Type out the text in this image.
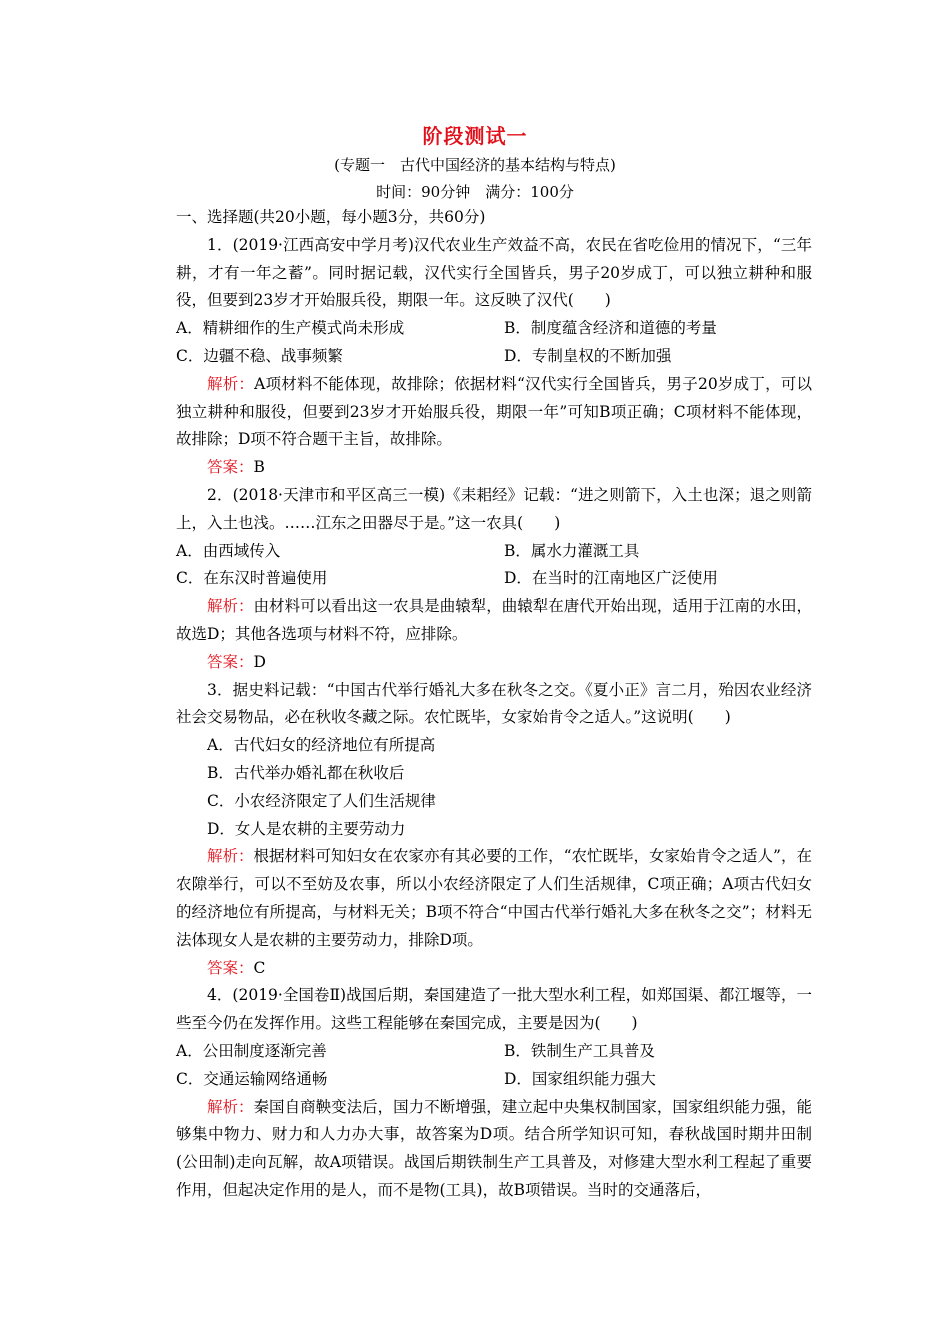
阶段测试一
(专题一　古代中国经济的基本结构与特点)
时间：90分钟　满分：100分

一、选择题(共20小题，每小题3分，共60分)

1．(2019·江西高安中学月考)汉代农业生产效益不高，农民在省吃俭用的情况下，“三年耕，才有一年之蓄”。同时据记载，汉代实行全国皆兵，男子20岁成丁，可以独立耕种和服役，但要到23岁才开始服兵役，期限一年。这反映了汉代(　　)

A．精耕细作的生产模式尚未形成	B．制度蕴含经济和道德的考量
C．边疆不稳、战事频繁	D．专制皇权的不断加强

解析：A项材料不能体现，故排除；依据材料“汉代实行全国皆兵，男子20岁成丁，可以独立耕种和服役，但要到23岁才开始服兵役，期限一年”可知B项正确；C项材料不能体现，故排除；D项不符合题干主旨，故排除。

答案：B

2．(2018·天津市和平区高三一模)《耒耜经》记载：“进之则箭下，入土也深；退之则箭上，入土也浅。……江东之田器尽于是。”这一农具(　　)

A．由西域传入	B．属水力灌溉工具
C．在东汉时普遍使用	D．在当时的江南地区广泛使用

解析：由材料可以看出这一农具是曲辕犁，曲辕犁在唐代开始出现，适用于江南的水田，故选D；其他各选项与材料不符，应排除。

答案：D

3．据史料记载：“中国古代举行婚礼大多在秋冬之交。《夏小正》言二月，殆因农业经济社会交易物品，必在秋收冬藏之际。农忙既毕，女家始肯令之适人。”这说明(　　)

A．古代妇女的经济地位有所提高

B．古代举办婚礼都在秋收后

C．小农经济限定了人们生活规律

D．女人是农耕的主要劳动力

解析：根据材料可知妇女在农家亦有其必要的工作，“农忙既毕，女家始肯令之适人”，在农隙举行，可以不至妨及农事，所以小农经济限定了人们生活规律，C项正确；A项古代妇女的经济地位有所提高，与材料无关；B项不符合“中国古代举行婚礼大多在秋冬之交”；材料无法体现女人是农耕的主要劳动力，排除D项。

答案：C

4．(2019·全国卷Ⅱ)战国后期，秦国建造了一批大型水利工程，如郑国渠、都江堰等，一些至今仍在发挥作用。这些工程能够在秦国完成，主要是因为(　　)

A．公田制度逐渐完善	B．铁制生产工具普及
C．交通运输网络通畅	D．国家组织能力强大

解析：秦国自商鞅变法后，国力不断增强，建立起中央集权制国家，国家组织能力强，能够集中物力、财力和人力办大事，故答案为D项。结合所学知识可知，春秋战国时期井田制(公田制)走向瓦解，故A项错误。战国后期铁制生产工具普及，对修建大型水利工程起了重要作用，但起决定作用的是人，而不是物(工具)，故B项错误。当时的交通落后，
